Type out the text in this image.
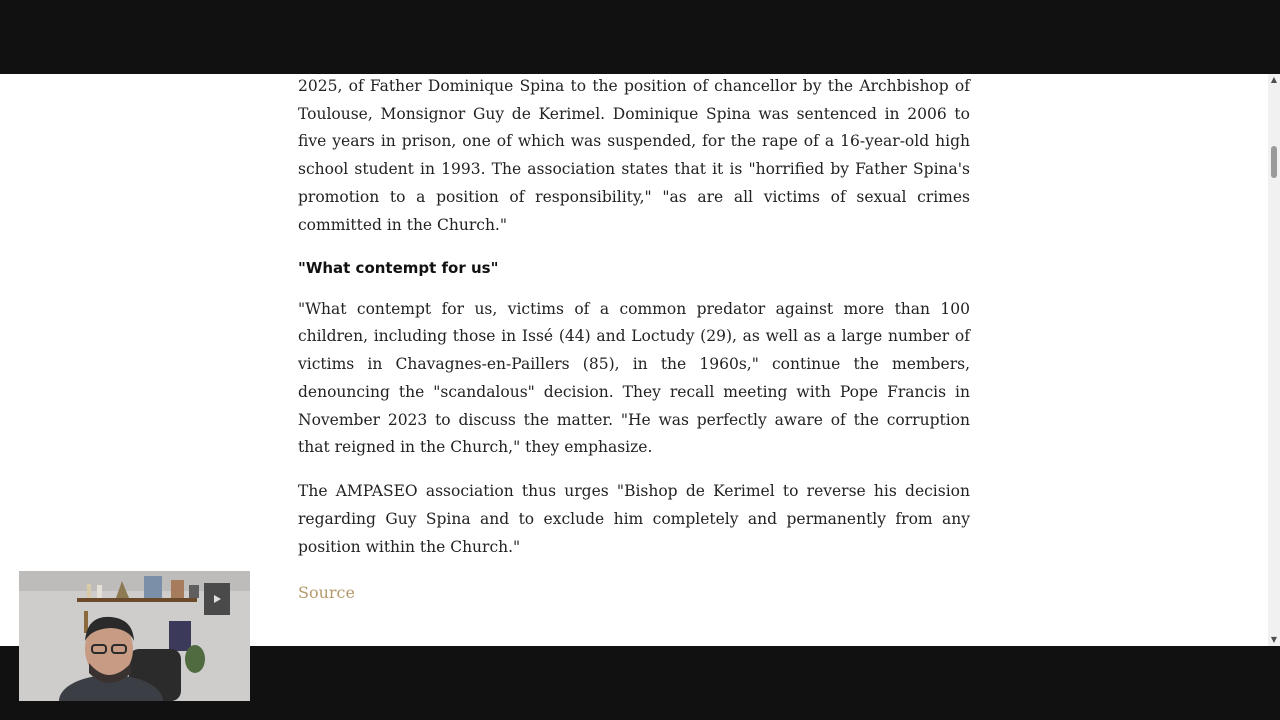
2025, of Father Dominique Spina to the position of chancellor by the Archbishop of Toulouse, Monsignor Guy de Kerimel. Dominique Spina was sentenced in 2006 to five years in prison, one of which was suspended, for the rape of a 16-year-old high school student in 1993. The association states that it is "horrified by Father Spina's promotion to a position of responsibility," "as are all victims of sexual crimes committed in the Church."

"What contempt for us"

"What contempt for us, victims of a common predator against more than 100 children, including those in Issé (44) and Loctudy (29), as well as a large number of victims in Chavagnes-en-Paillers (85), in the 1960s," continue the members, denouncing the "scandalous" decision. They recall meeting with Pope Francis in November 2023 to discuss the matter. "He was perfectly aware of the corruption that reigned in the Church," they emphasize.

The AMPASEO association thus urges "Bishop de Kerimel to reverse his decision regarding Guy Spina and to exclude him completely and permanently from any position within the Church."

Source
▲
▼
